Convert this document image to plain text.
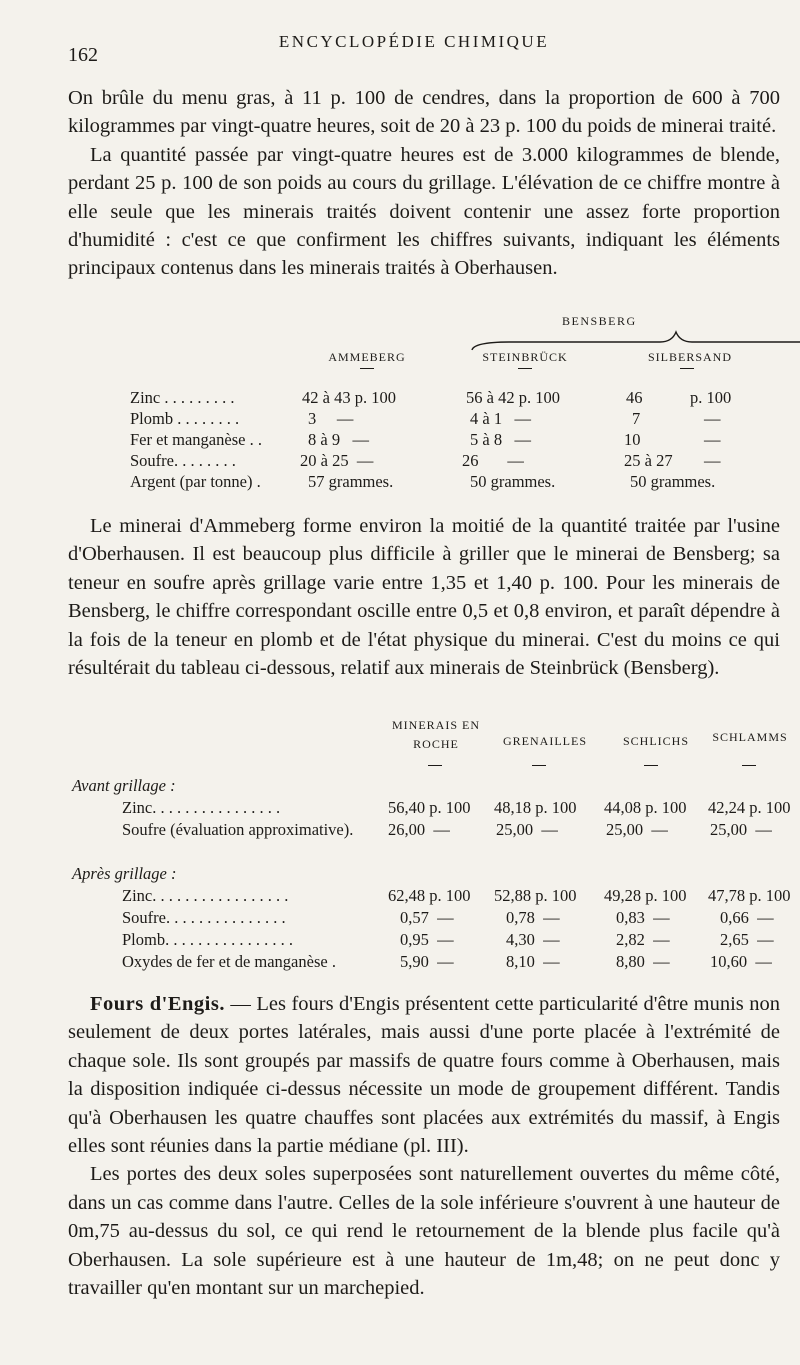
162
ENCYCLOPÉDIE CHIMIQUE

On brûle du menu gras, à 11 p. 100 de cendres, dans la proportion de 600 à 700 kilogrammes par vingt-quatre heures, soit de 20 à 23 p. 100 du poids de minerai traité.

La quantité passée par vingt-quatre heures est de 3.000 kilogrammes de blende, perdant 25 p. 100 de son poids au cours du grillage. L'élévation de ce chiffre montre à elle seule que les minerais traités doivent contenir une assez forte proportion d'humidité : c'est ce que confirment les chiffres suivants, indiquant les éléments principaux contenus dans les minerais traités à Oberhausen.

BENSBERG
AMMEBERG	STEINBRÜCK	SILBERSAND
Zinc . . . . . . . . .	42 à 43 p. 100	56 à 42 p. 100	46	p. 100
Plomb . . . . . . . .	3     —	4 à 1   —	7	—
Fer et manganèse . .	8 à 9   —	5 à 8   —	10	—
Soufre. . . . . . . .	20 à 25  —	26       —	25 à 27 —
Argent (par tonne) .	57 grammes.	50 grammes.	50 grammes.

Le minerai d'Ammeberg forme environ la moitié de la quantité traitée par l'usine d'Oberhausen. Il est beaucoup plus difficile à griller que le minerai de Bensberg; sa teneur en soufre après grillage varie entre 1,35 et 1,40 p. 100. Pour les minerais de Bensberg, le chiffre correspondant oscille entre 0,5 et 0,8 environ, et paraît dépendre à la fois de la teneur en plomb et de l'état physique du minerai. C'est du moins ce qui résultérait du tableau ci-dessous, relatif aux minerais de Steinbrück (Bensberg).

MINERAIS EN ROCHE	GRENAILLES	SCHLICHS	SCHLAMMS
Avant grillage :
Zinc. . . . . . . . . . . . . . . .	56,40 p. 100 48,18 p. 100 44,08 p. 100 42,24 p. 100
Soufre (évaluation approximative). 26,00  —	25,00  —	25,00  —	25,00  —
Après grillage :
Zinc. . . . . . . . . . . . . . . . .	62,48 p. 100 52,88 p. 100 49,28 p. 100 47,78 p. 100
Soufre. . . . . . . . . . . . . . .	0,57  —	0,78  —	0,83  —	0,66  —
Plomb. . . . . . . . . . . . . . . .	0,95  —	4,30  —	2,82  —	2,65  —
Oxydes de fer et de manganèse .	5,90  —	8,10  —	8,80  — 10,60  —

Fours d'Engis. — Les fours d'Engis présentent cette particularité d'être munis non seulement de deux portes latérales, mais aussi d'une porte placée à l'extrémité de chaque sole. Ils sont groupés par massifs de quatre fours comme à Oberhausen, mais la disposition indiquée ci-dessus nécessite un mode de groupement différent. Tandis qu'à Oberhausen les quatre chauffes sont placées aux extrémités du massif, à Engis elles sont réunies dans la partie médiane (pl. III).

Les portes des deux soles superposées sont naturellement ouvertes du même côté, dans un cas comme dans l'autre. Celles de la sole inférieure s'ouvrent à une hauteur de 0m,75 au-dessus du sol, ce qui rend le retournement de la blende plus facile qu'à Oberhausen. La sole supérieure est à une hauteur de 1m,48; on ne peut donc y travailler qu'en montant sur un marchepied.
